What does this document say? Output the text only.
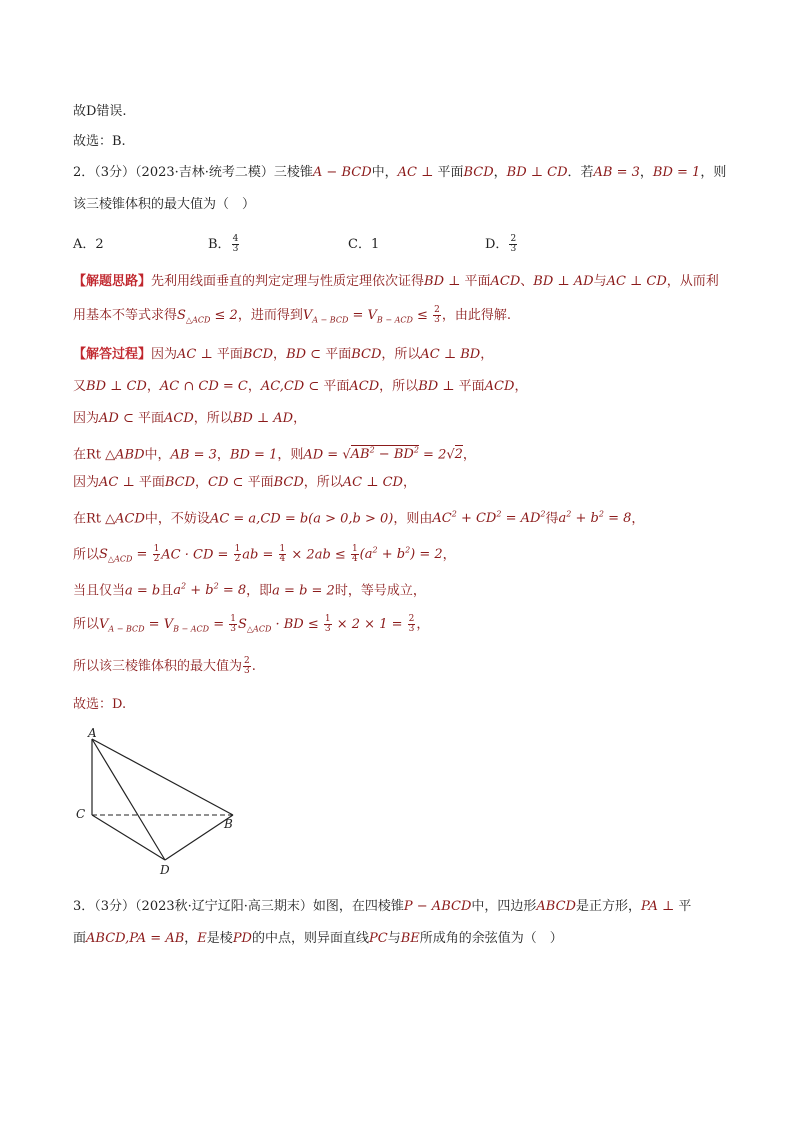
故D错误.
故选：B.
2．（3分）（2023·吉林·统考二模）三棱锥A − BCD中，AC ⊥ 平面BCD，BD ⊥ CD．若AB = 3，BD = 1，则
该三棱锥体积的最大值为（　）
A．2	B． $\frac{4}{3}$	C．1	D． $\frac{2}{3}$
【解题思路】先利用线面垂直的判定定理与性质定理依次证得BD ⊥ 平面ACD、BD ⊥ AD与AC ⊥ CD，从而利
用基本不等式求得$S_{\triangle ACD} \le 2$，进而得到$V_{A - BCD} = V_{B - ACD} \le \frac{2}{3}$ ，由此得解.
【解答过程】因为AC ⊥ 平面BCD，BD ⊂ 平面BCD，所以AC ⊥ BD，
又BD ⊥ CD，AC ∩ CD = C，AC,CD ⊂ 平面ACD，所以BD ⊥ 平面ACD，
因为AD ⊂ 平面ACD，所以BD ⊥ AD，
在Rt △ABD中，AB = 3，BD = 1，则AD = $√AB^2 - BD^2 = 2√2$，
因为AC ⊥ 平面BCD，CD ⊂ 平面BCD，所以AC ⊥ CD，
在Rt △ACD中，不妨设AC = a,CD = b(a > 0,b > 0)，则由$AC^2 + CD^2 = AD^2$得$a^2 + b^2 = 8$，
所以$S_{\triangle ACD} = \frac{1}{2}$ AC · CD = $\frac{1}{2}$ ab = $\frac{1}{4} \times 2ab \le \frac{1}{4} (a^2 + b^2) = 2$，
当且仅当a = b且$a^2 + b^2 = 8$，即a = b = 2时，等号成立，
所以$V_{A - BCD} = V_{B - ACD} = \frac{1}{3} S_{\triangle ACD}$ · BD ≤ $\frac{1}{3} \times 2 \times 1 = \frac{2}{3}$ ，
所以该三棱锥体积的最大值为 $\frac{2}{3}$ .
故选：D.
A
C
B
D
3．（3分）（2023秋·辽宁辽阳·高三期末）如图，在四棱锥P − ABCD中，四边形ABCD是正方形，PA ⊥ 平
面ABCD,PA = AB，E是棱PD的中点，则异面直线PC与BE所成角的余弦值为（　）
